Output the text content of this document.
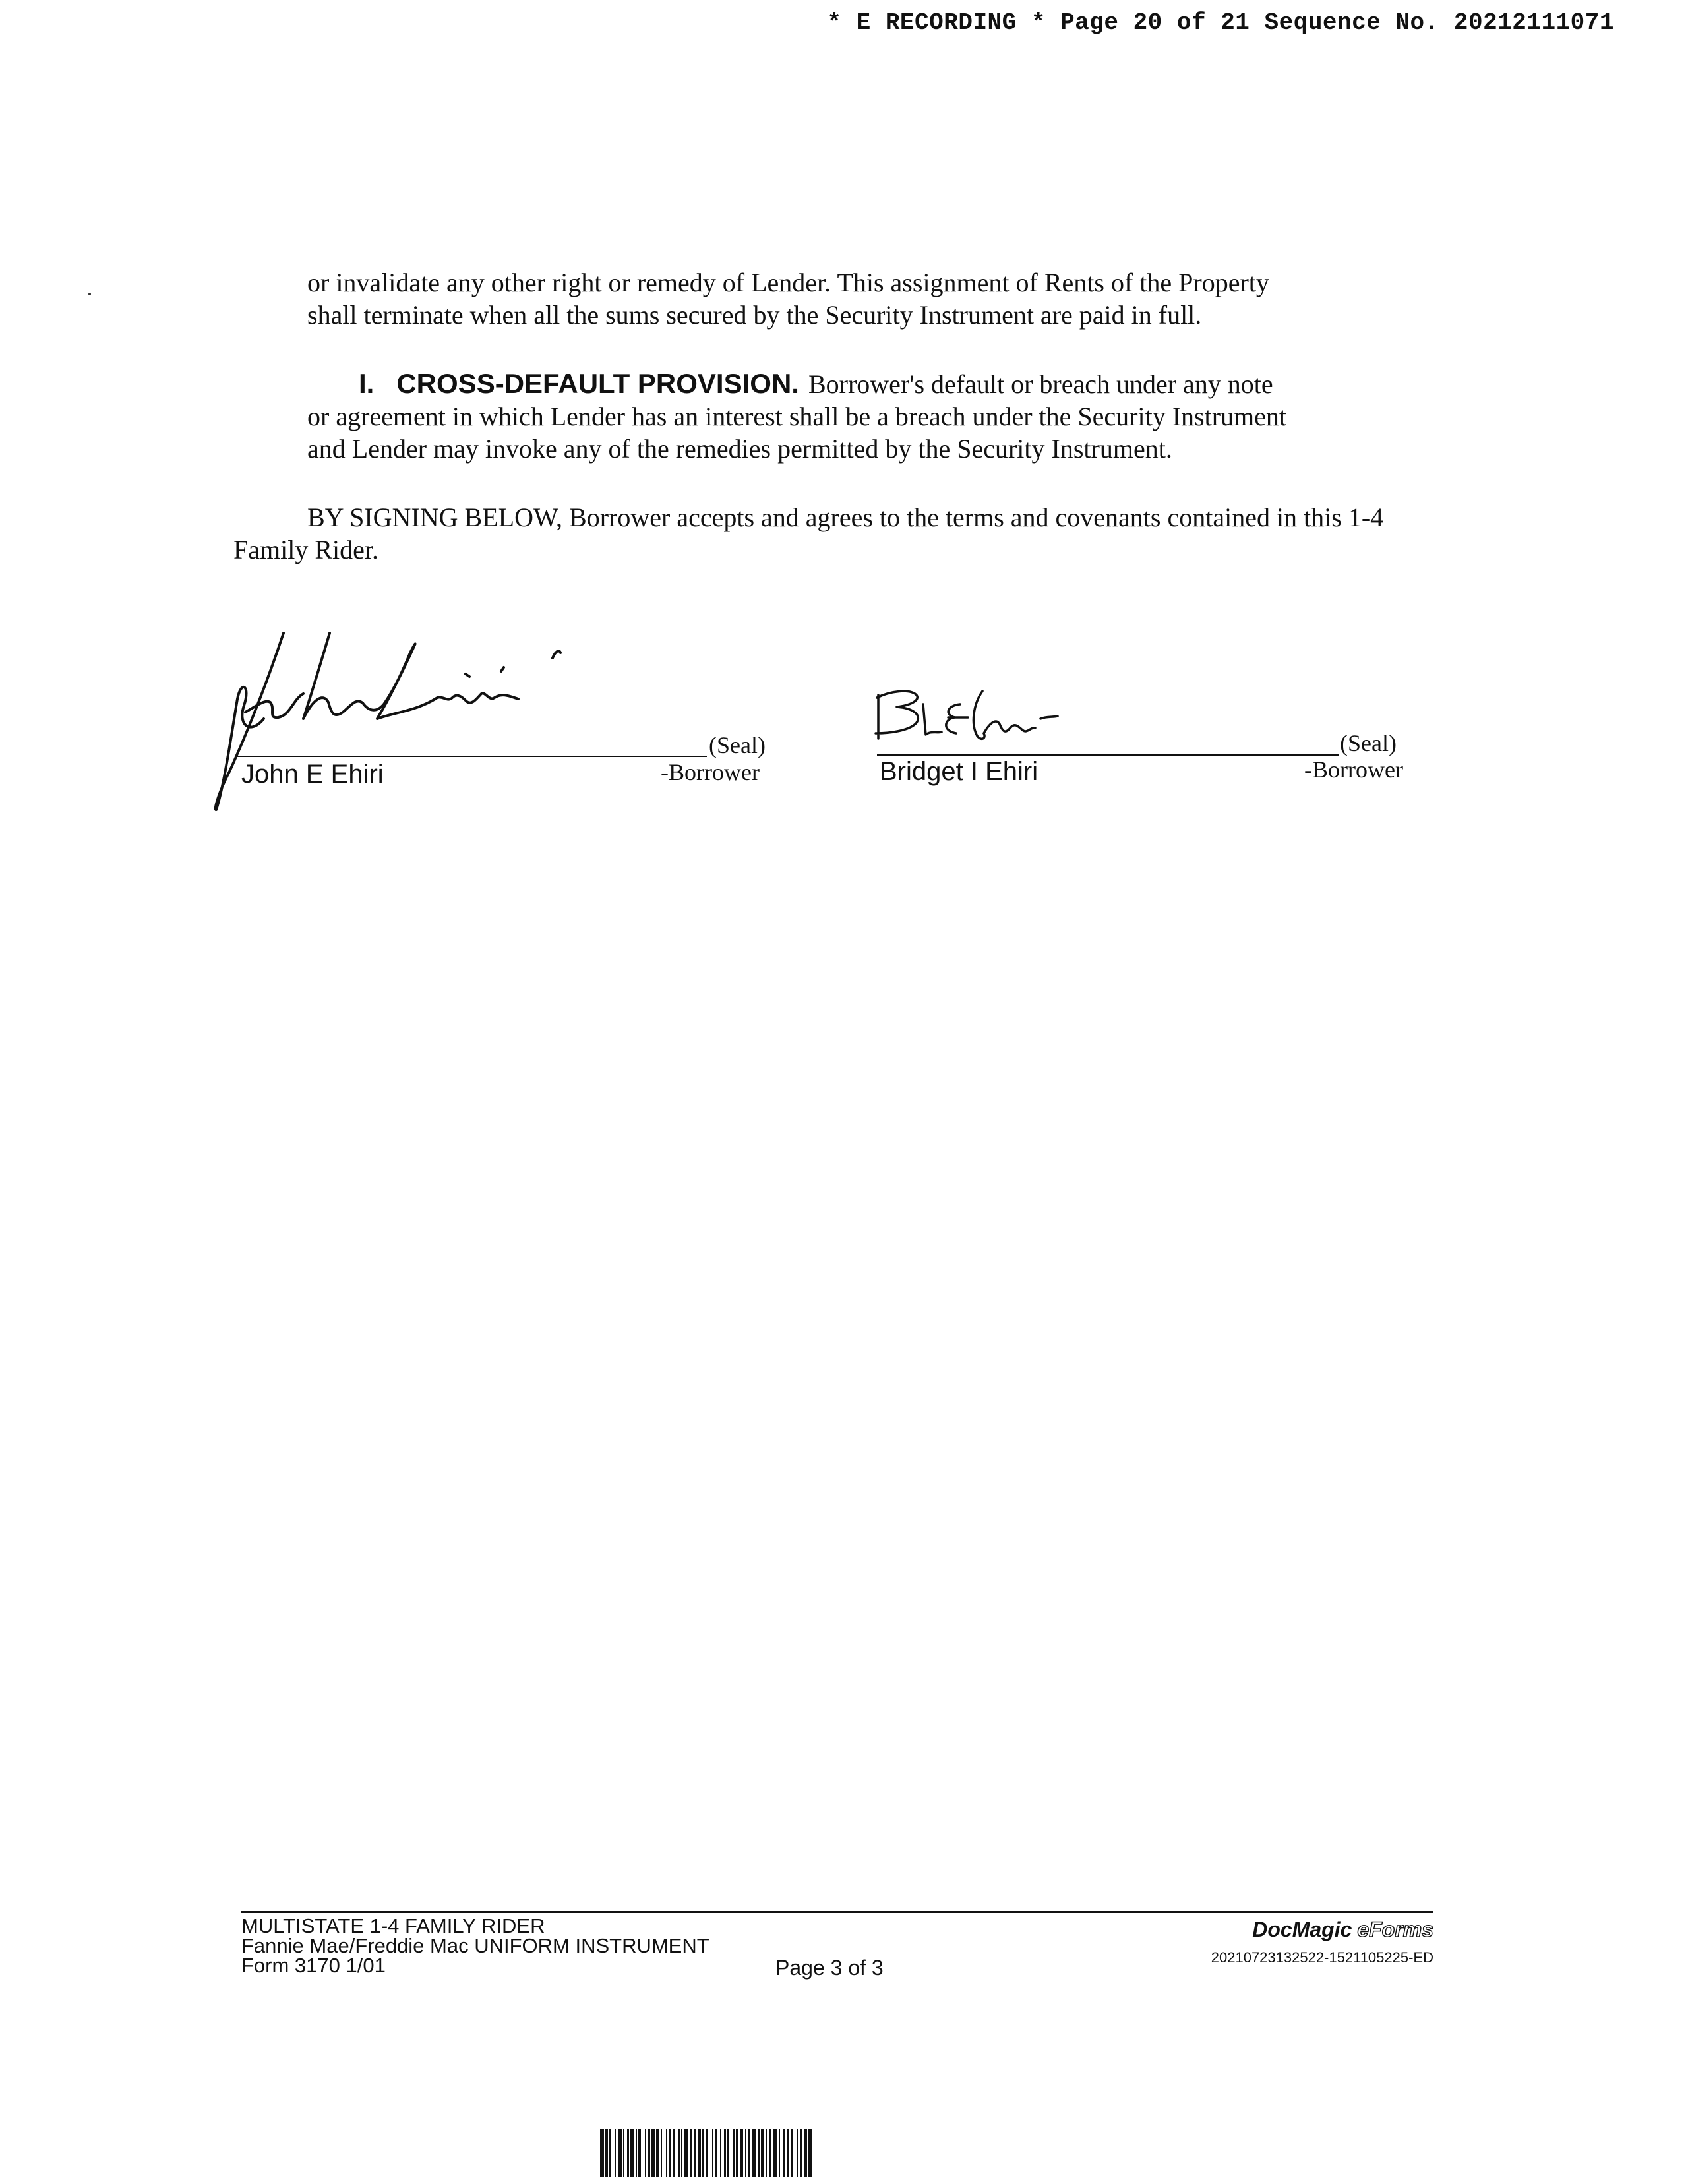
* E RECORDING * Page 20 of 21 Sequence No. 20212111071
or invalidate any other right or remedy of Lender. This assignment of Rents of the Property
shall terminate when all the sums secured by the Security Instrument are paid in full.
I. CROSS-DEFAULT PROVISION. Borrower's default or breach under any note
or agreement in which Lender has an interest shall be a breach under the Security Instrument
and Lender may invoke any of the remedies permitted by the Security Instrument.
BY SIGNING BELOW, Borrower accepts and agrees to the terms and covenants contained in this 1-4
Family Rider.
(Seal)
John E Ehiri	-Borrower
(Seal)
Bridget I Ehiri	-Borrower
MULTISTATE 1-4 FAMILY RIDER
Fannie Mae/Freddie Mac UNIFORM INSTRUMENT
Form 3170 1/01	Page 3 of 3
DocMagic eForms
20210723132522-1521105225-ED
